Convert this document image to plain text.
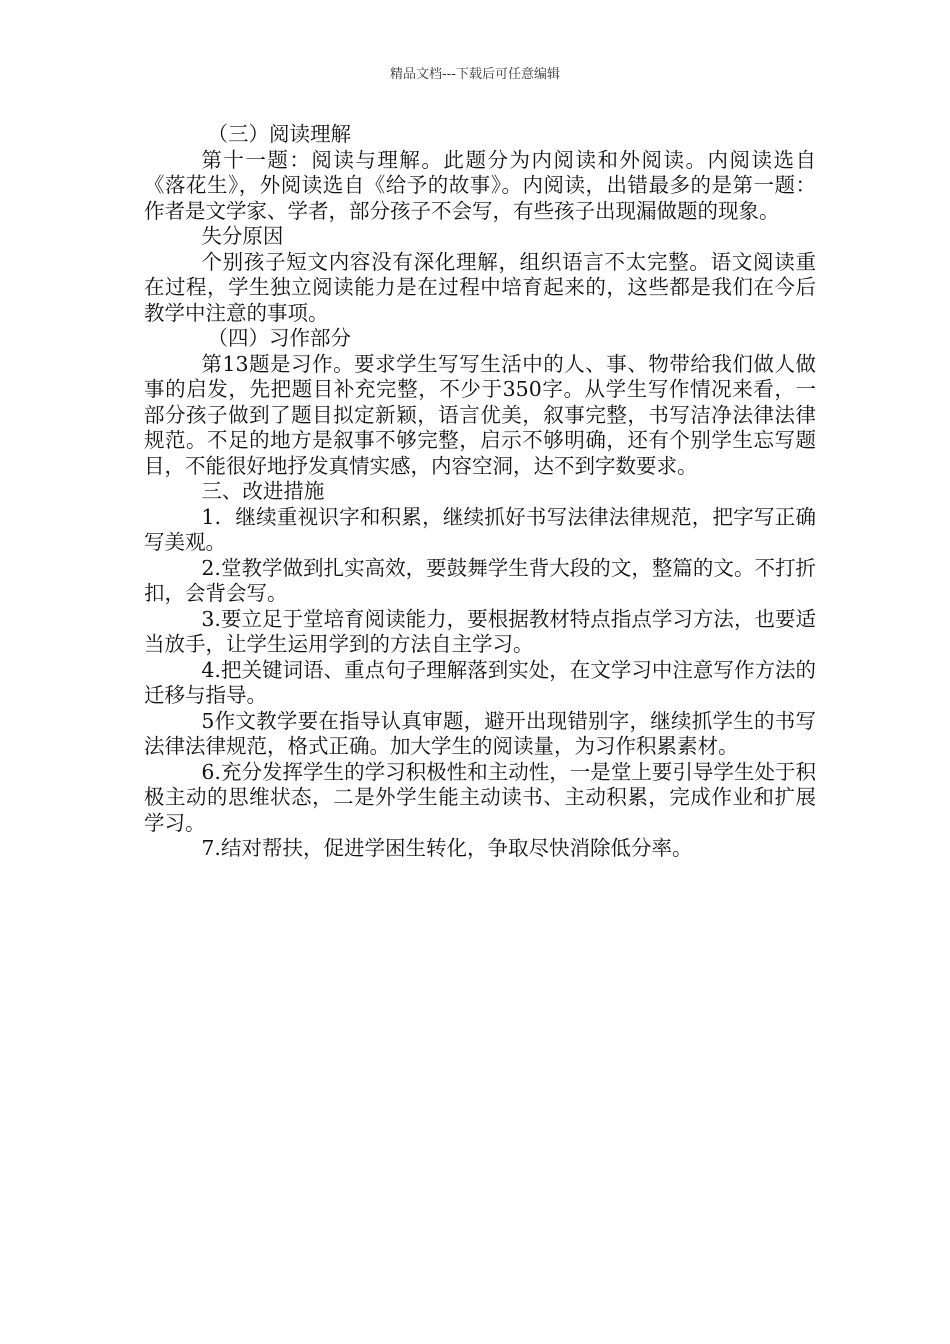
精品文档---下载后可任意编辑

（三）阅读理解

第十一题：阅读与理解。此题分为内阅读和外阅读。内阅读选自《落花生》，外阅读选自《给予的故事》。内阅读，出错最多的是第一题：作者是文学家、学者，部分孩子不会写，有些孩子出现漏做题的现象。

失分原因

个别孩子短文内容没有深化理解，组织语言不太完整。语文阅读重在过程，学生独立阅读能力是在过程中培育起来的，这些都是我们在今后教学中注意的事项。

（四）习作部分

第13题是习作。要求学生写写生活中的人、事、物带给我们做人做事的启发，先把题目补充完整，不少于350字。从学生写作情况来看，一部分孩子做到了题目拟定新颖，语言优美，叙事完整，书写洁净法律法律规范。不足的地方是叙事不够完整，启示不够明确，还有个别学生忘写题目，不能很好地抒发真情实感，内容空洞，达不到字数要求。

三、改进措施

1．继续重视识字和积累，继续抓好书写法律法律规范，把字写正确写美观。

2.堂教学做到扎实高效，要鼓舞学生背大段的文，整篇的文。不打折扣，会背会写。

3.要立足于堂培育阅读能力，要根据教材特点指点学习方法，也要适当放手，让学生运用学到的方法自主学习。

4.把关键词语、重点句子理解落到实处，在文学习中注意写作方法的迁移与指导。

5作文教学要在指导认真审题，避开出现错别字，继续抓学生的书写法律法律规范，格式正确。加大学生的阅读量，为习作积累素材。

6.充分发挥学生的学习积极性和主动性，一是堂上要引导学生处于积极主动的思维状态，二是外学生能主动读书、主动积累，完成作业和扩展学习。

7.结对帮扶，促进学困生转化，争取尽快消除低分率。
